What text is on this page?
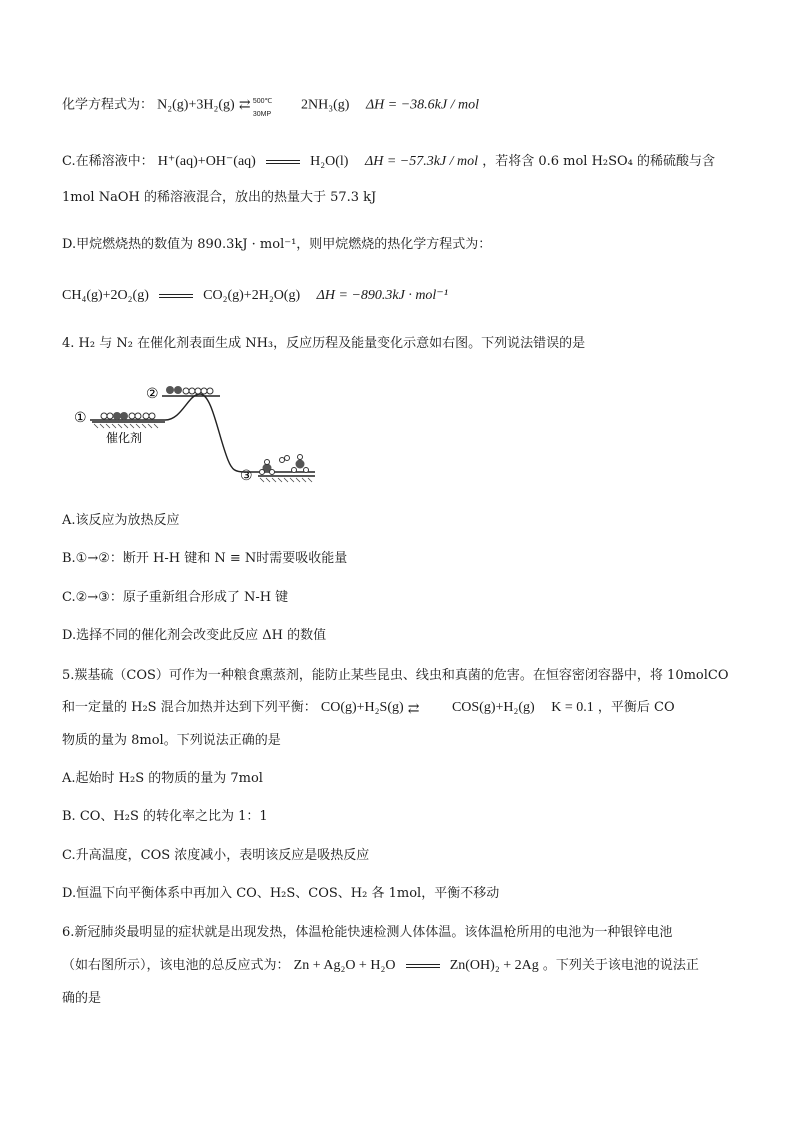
化学方程式为： N₂(g)+3H₂(g) ⇄ 500℃
30MP
2NH₃(g) ΔH = −38.6kJ / mol
C.在稀溶液中： H⁺(aq)+OH⁻(aq)	H₂O(l) ΔH = −57.3kJ / mol ，若将含 0.6 mol H₂SO₄ 的稀硫酸与含
1mol NaOH 的稀溶液混合，放出的热量大于 57.3 kJ
D.甲烷燃烧热的数值为 890.3kJ · mol⁻¹，则甲烷燃烧的热化学方程式为：
CH₄(g)+2O₂(g)	CO₂(g)+2H₂O(g) ΔH = −890.3kJ · mol⁻¹
4. H₂ 与 N₂ 在催化剂表面生成 NH₃，反应历程及能量变化示意如右图。下列说法错误的是
①
②
③
催化剂
A.该反应为放热反应
B.①→②：断开 H-H 键和 N ≡ N时需要吸收能量
C.②→③：原子重新组合形成了 N-H 键
D.选择不同的催化剂会改变此反应 ΔH 的数值
5.羰基硫（COS）可作为一种粮食熏蒸剂，能防止某些昆虫、线虫和真菌的危害。在恒容密闭容器中，将 10molCO
和一定量的 H₂S 混合加热并达到下列平衡： CO(g)+H₂S(g) ⇄ COS(g)+H₂(g) K = 0.1 ，平衡后 CO
物质的量为 8mol。下列说法正确的是
A.起始时 H₂S 的物质的量为 7mol
B. CO、H₂S 的转化率之比为 1：1
C.升高温度，COS 浓度减小，表明该反应是吸热反应
D.恒温下向平衡体系中再加入 CO、H₂S、COS、H₂ 各 1mol，平衡不移动
6.新冠肺炎最明显的症状就是出现发热，体温枪能快速检测人体体温。该体温枪所用的电池为一种银锌电池
（如右图所示），该电池的总反应式为： Zn + Ag₂O + H₂O	Zn(OH)₂ + 2Ag 。下列关于该电池的说法正
确的是
